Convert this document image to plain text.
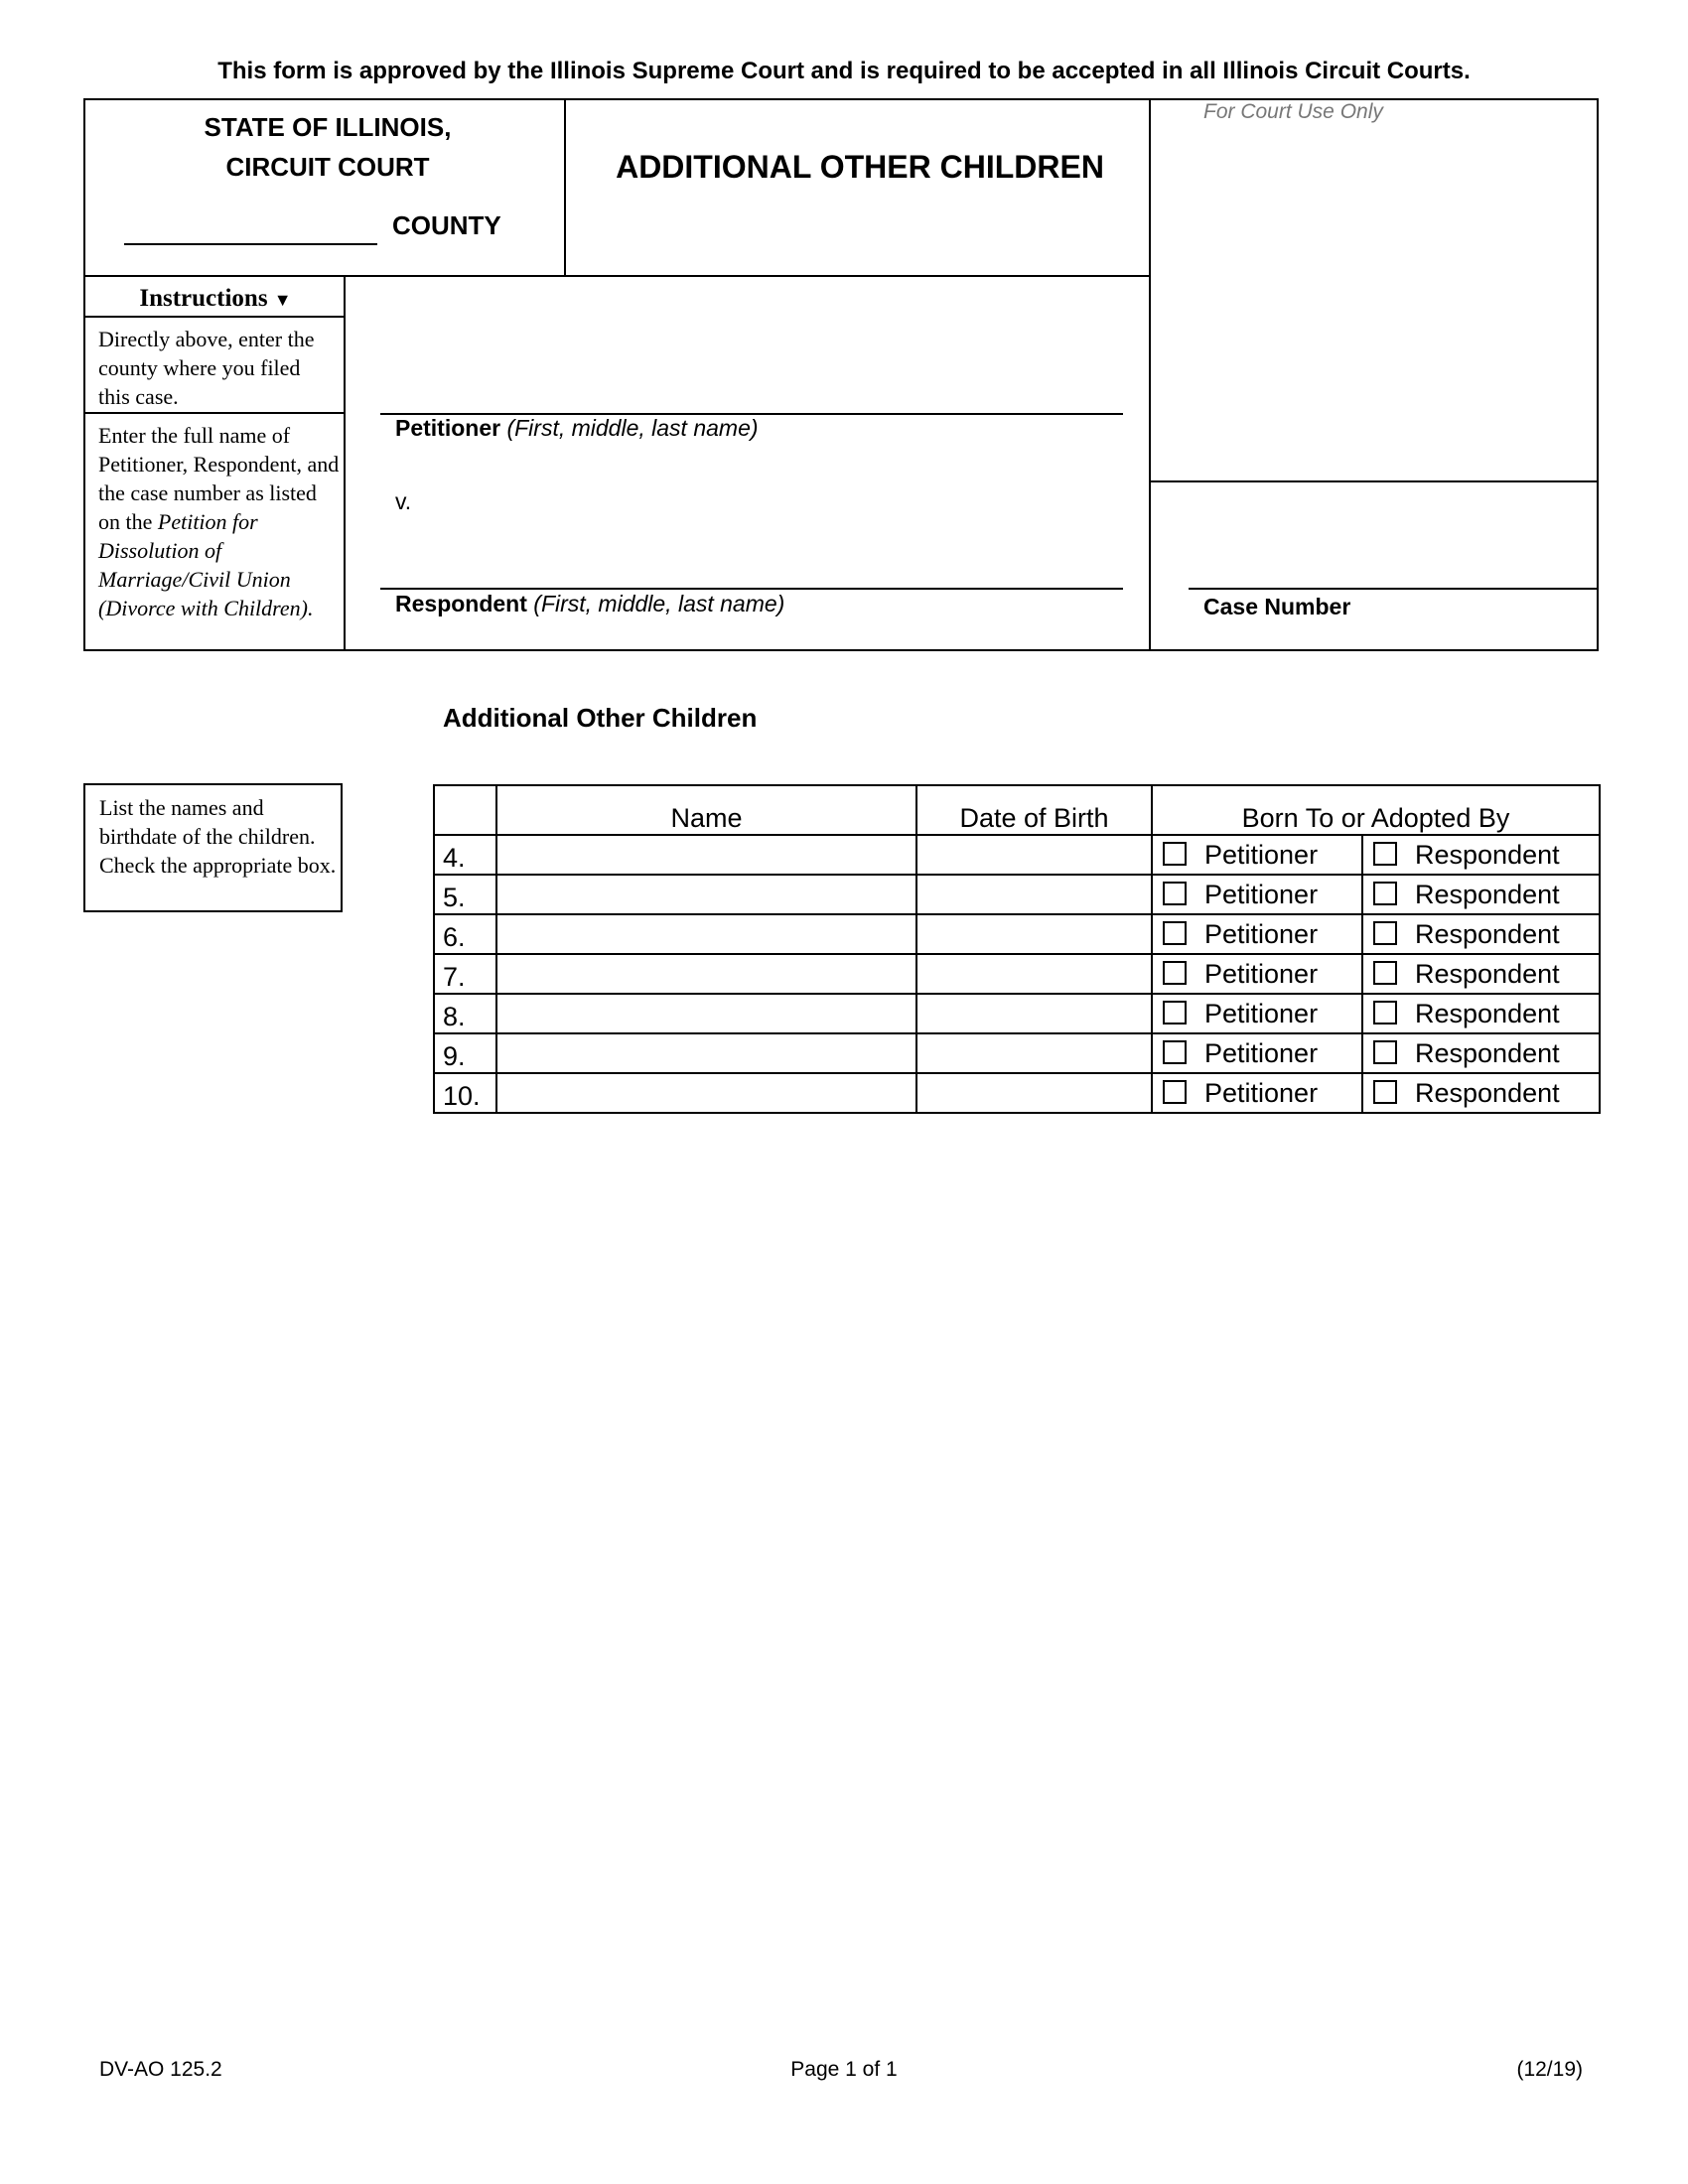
This form is approved by the Illinois Supreme Court and is required to be accepted in all Illinois Circuit Courts.
STATE OF ILLINOIS,
CIRCUIT COURT
COUNTY
ADDITIONAL OTHER CHILDREN
For Court Use Only
Instructions ▼
Directly above, enter the county where you filed this case.
Enter the full name of Petitioner, Respondent, and the case number as listed on the Petition for Dissolution of Marriage/Civil Union (Divorce with Children).
Petitioner (First, middle, last name)
v.
Respondent (First, middle, last name)	Case Number
Additional Other Children
List the names and birthdate of the children. Check the appropriate box.
	Name	Date of Birth	Born To or Adopted By	
4.			Petitioner	Respondent
5.			Petitioner	Respondent
6.			Petitioner	Respondent
7.			Petitioner	Respondent
8.			Petitioner	Respondent
9.			Petitioner	Respondent
10.			Petitioner	Respondent
DV-AO 125.2	Page 1 of 1	(12/19)
